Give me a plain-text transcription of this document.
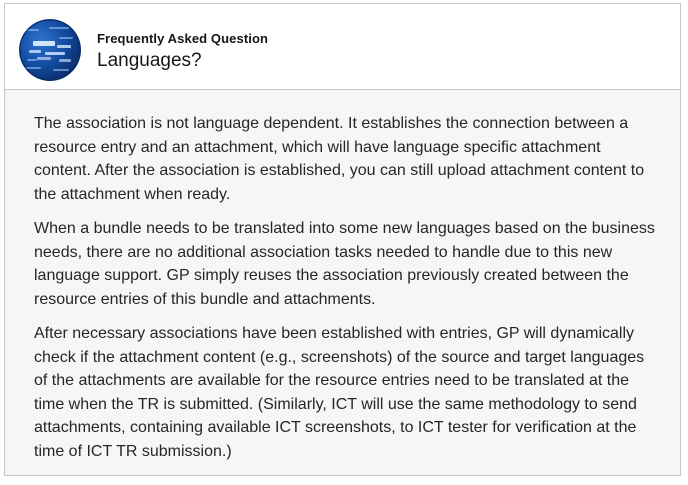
Frequently Asked Question
Languages?

The association is not language dependent. It establishes the connection between a resource entry and an attachment, which will have language specific attachment content. After the association is established, you can still upload attachment content to the attachment when ready.

When a bundle needs to be translated into some new languages based on the business needs, there are no additional association tasks needed to handle due to this new language support. GP simply reuses the association previously created between the resource entries of this bundle and attachments.

After necessary associations have been established with entries, GP will dynamically check if the attachment content (e.g., screenshots) of the source and target languages of the attachments are available for the resource entries need to be translated at the time when the TR is submitted. (Similarly, ICT will use the same methodology to send attachments, containing available ICT screenshots, to ICT tester for verification at the time of ICT TR submission.)
